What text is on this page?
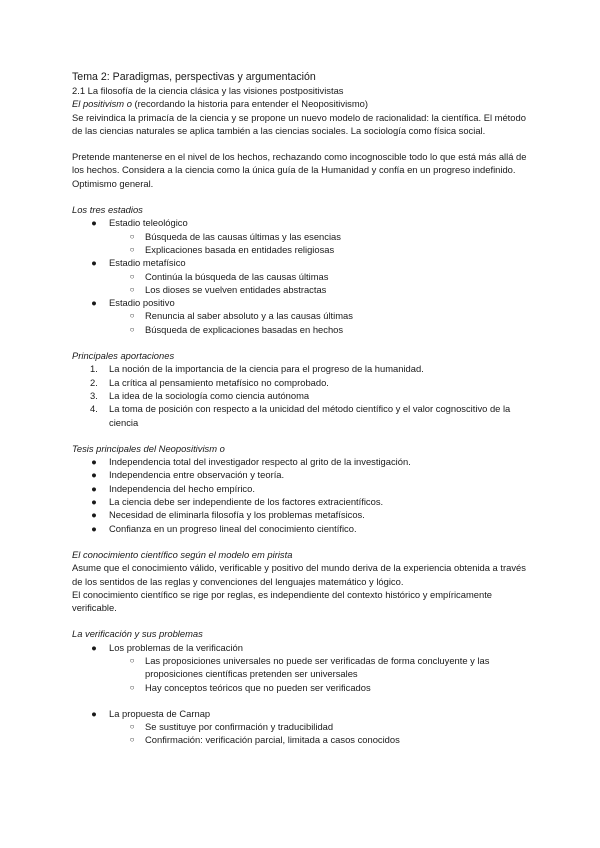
Tema 2: Paradigmas, perspectivas y argumentación

2.1 La filosofía de la ciencia clásica y las visiones postpositivistas

El positivism o (recordando la historia para entender el Neopositivismo)

Se reivindica la primacía de la ciencia y se propone un nuevo modelo de racionalidad: la científica. El método de las ciencias naturales se aplica también a las ciencias sociales. La sociología como física social.

Pretende mantenerse en el nivel de los hechos, rechazando como incognoscible todo lo que está más allá de los hechos. Considera a la ciencia como la única guía de la Humanidad y confía en un progreso indefinido. Optimismo general.

Los tres estadios

● Estadio teleológico
○ Búsqueda de las causas últimas y las esencias
○ Explicaciones basada en entidades religiosas
● Estadio metafísico
○ Continúa la búsqueda de las causas últimas
○ Los dioses se vuelven entidades abstractas
● Estadio positivo
○ Renuncia al saber absoluto y a las causas últimas
○ Búsqueda de explicaciones basadas en hechos

Principales aportaciones

1. La noción de la importancia de la ciencia para el progreso de la humanidad.
2. La crítica al pensamiento metafísico no comprobado.
3. La idea de la sociología como ciencia autónoma
4. La toma de posición con respecto a la unicidad del método científico y el valor cognoscitivo de la ciencia

Tesis principales del Neopositivism o

● Independencia total del investigador respecto al grito de la investigación.
● Independencia entre observación y teoría.
● Independencia del hecho empírico.
● La ciencia debe ser independiente de los factores extracientíficos.
● Necesidad de eliminarla filosofía y los problemas metafísicos.
● Confianza en un progreso lineal del conocimiento científico.

El conocimiento científico según el modelo em pirista

Asume que el conocimiento válido, verificable y positivo del mundo deriva de la experiencia obtenida a través de los sentidos de las reglas y convenciones del lenguajes matemático y lógico.

El conocimiento científico se rige por reglas, es independiente del contexto histórico y empíricamente verificable.

La verificación y sus problemas

● Los problemas de la verificación
○ Las proposiciones universales no puede ser verificadas de forma concluyente y las proposiciones científicas pretenden ser universales
○ Hay conceptos teóricos que no pueden ser verificados
● La propuesta de Carnap
○ Se sustituye por confirmación y traducibilidad
○ Confirmación: verificación parcial, limitada a casos conocidos
